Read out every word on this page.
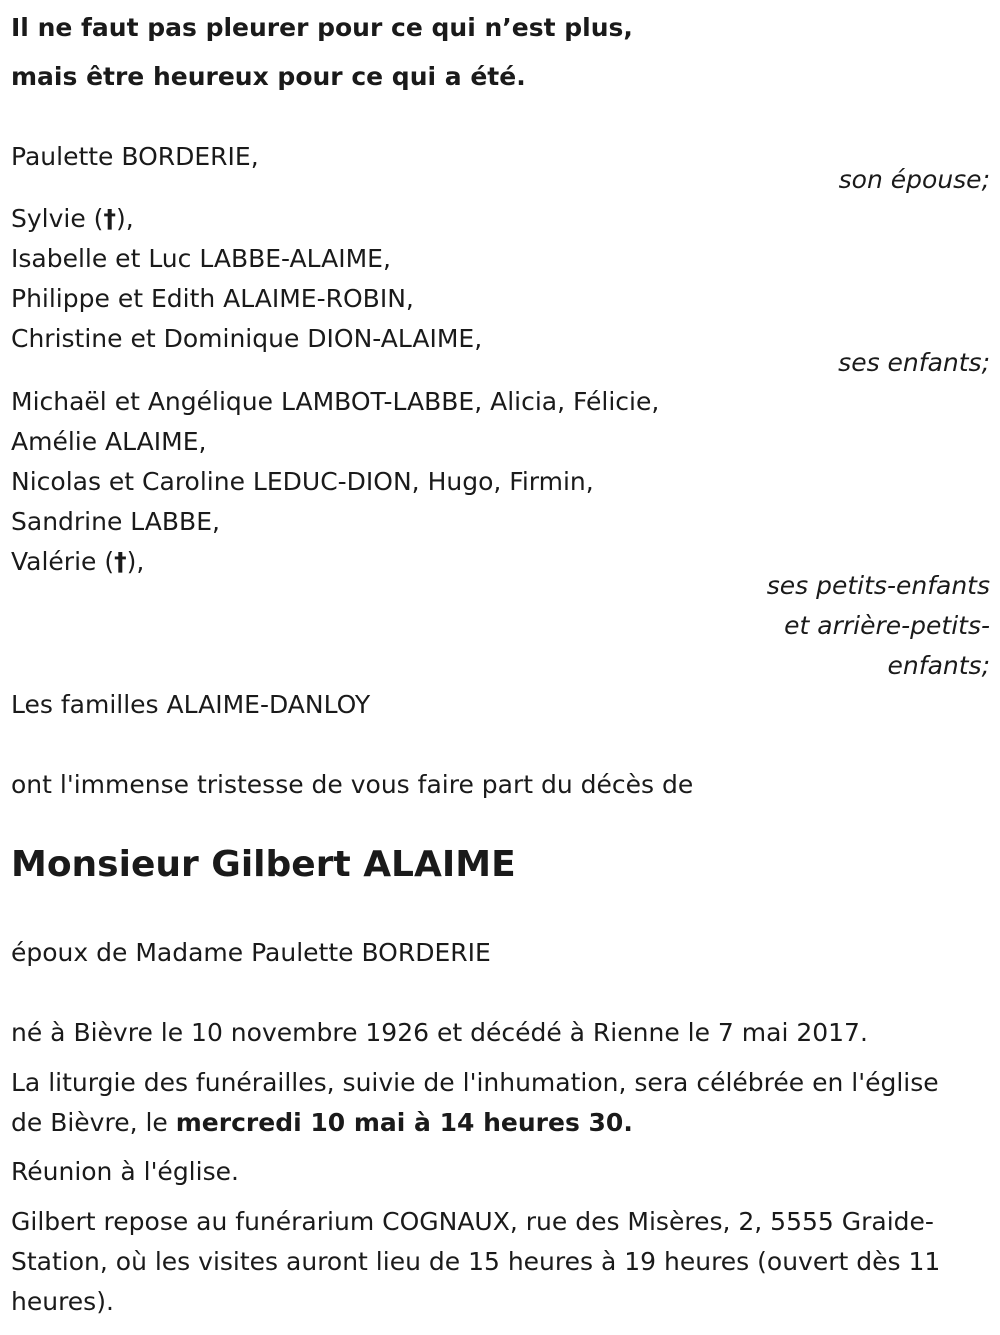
Il ne faut pas pleurer pour ce qui n’est plus,
mais être heureux pour ce qui a été.
Paulette BORDERIE,
son épouse;
Sylvie (†),
Isabelle et Luc LABBE-ALAIME,
Philippe et Edith ALAIME-ROBIN,
Christine et Dominique DION-ALAIME,
ses enfants;
Michaël et Angélique LAMBOT-LABBE, Alicia, Félicie,
Amélie ALAIME,
Nicolas et Caroline LEDUC-DION, Hugo, Firmin,
Sandrine LABBE,
Valérie (†),
ses petits-enfants
et arrière-petits-
enfants;
Les familles ALAIME-DANLOY
ont l'immense tristesse de vous faire part du décès de
Monsieur Gilbert ALAIME
époux de Madame Paulette BORDERIE
né à Bièvre le 10 novembre 1926 et décédé à Rienne le 7 mai 2017.
La liturgie des funérailles, suivie de l'inhumation, sera célébrée en l'église
de Bièvre, le mercredi 10 mai à 14 heures 30.
Réunion à l'église.
Gilbert repose au funérarium COGNAUX, rue des Misères, 2, 5555 Graide-
Station, où les visites auront lieu de 15 heures à 19 heures (ouvert dès 11
heures).
